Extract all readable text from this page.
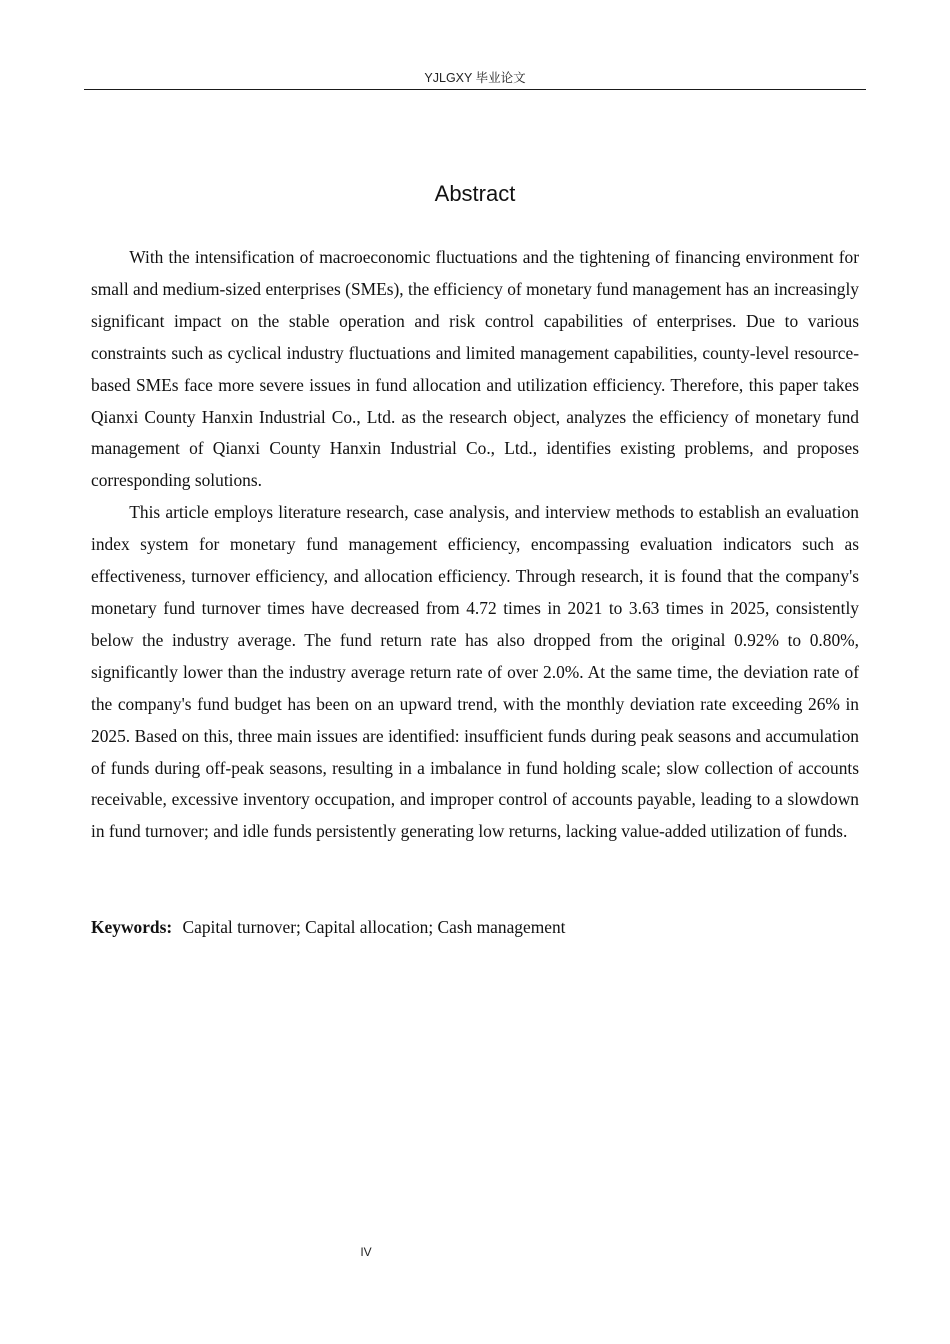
YJLGXY 毕业论文
Abstract

With the intensification of macroeconomic fluctuations and the tightening of financing environment for small and medium-sized enterprises (SMEs), the efficiency of monetary fund management has an increasingly significant impact on the stable operation and risk control capabilities of enterprises. Due to various constraints such as cyclical industry fluctuations and limited management capabilities, county-level resource-based SMEs face more severe issues in fund allocation and utilization efficiency. Therefore, this paper takes Qianxi County Hanxin Industrial Co., Ltd. as the research object, analyzes the efficiency of monetary fund management of Qianxi County Hanxin Industrial Co., Ltd., identifies existing problems, and proposes corresponding solutions.

This article employs literature research, case analysis, and interview methods to establish an evaluation index system for monetary fund management efficiency, encompassing evaluation indicators such as effectiveness, turnover efficiency, and allocation efficiency. Through research, it is found that the company's monetary fund turnover times have decreased from 4.72 times in 2021 to 3.63 times in 2025, consistently below the industry average. The fund return rate has also dropped from the original 0.92% to 0.80%, significantly lower than the industry average return rate of over 2.0%. At the same time, the deviation rate of the company's fund budget has been on an upward trend, with the monthly deviation rate exceeding 26% in 2025. Based on this, three main issues are identified: insufficient funds during peak seasons and accumulation of funds during off-peak seasons, resulting in a imbalance in fund holding scale; slow collection of accounts receivable, excessive inventory occupation, and improper control of accounts payable, leading to a slowdown in fund turnover; and idle funds persistently generating low returns, lacking value-added utilization of funds.

Keywords: Capital turnover; Capital allocation; Cash management
IV
